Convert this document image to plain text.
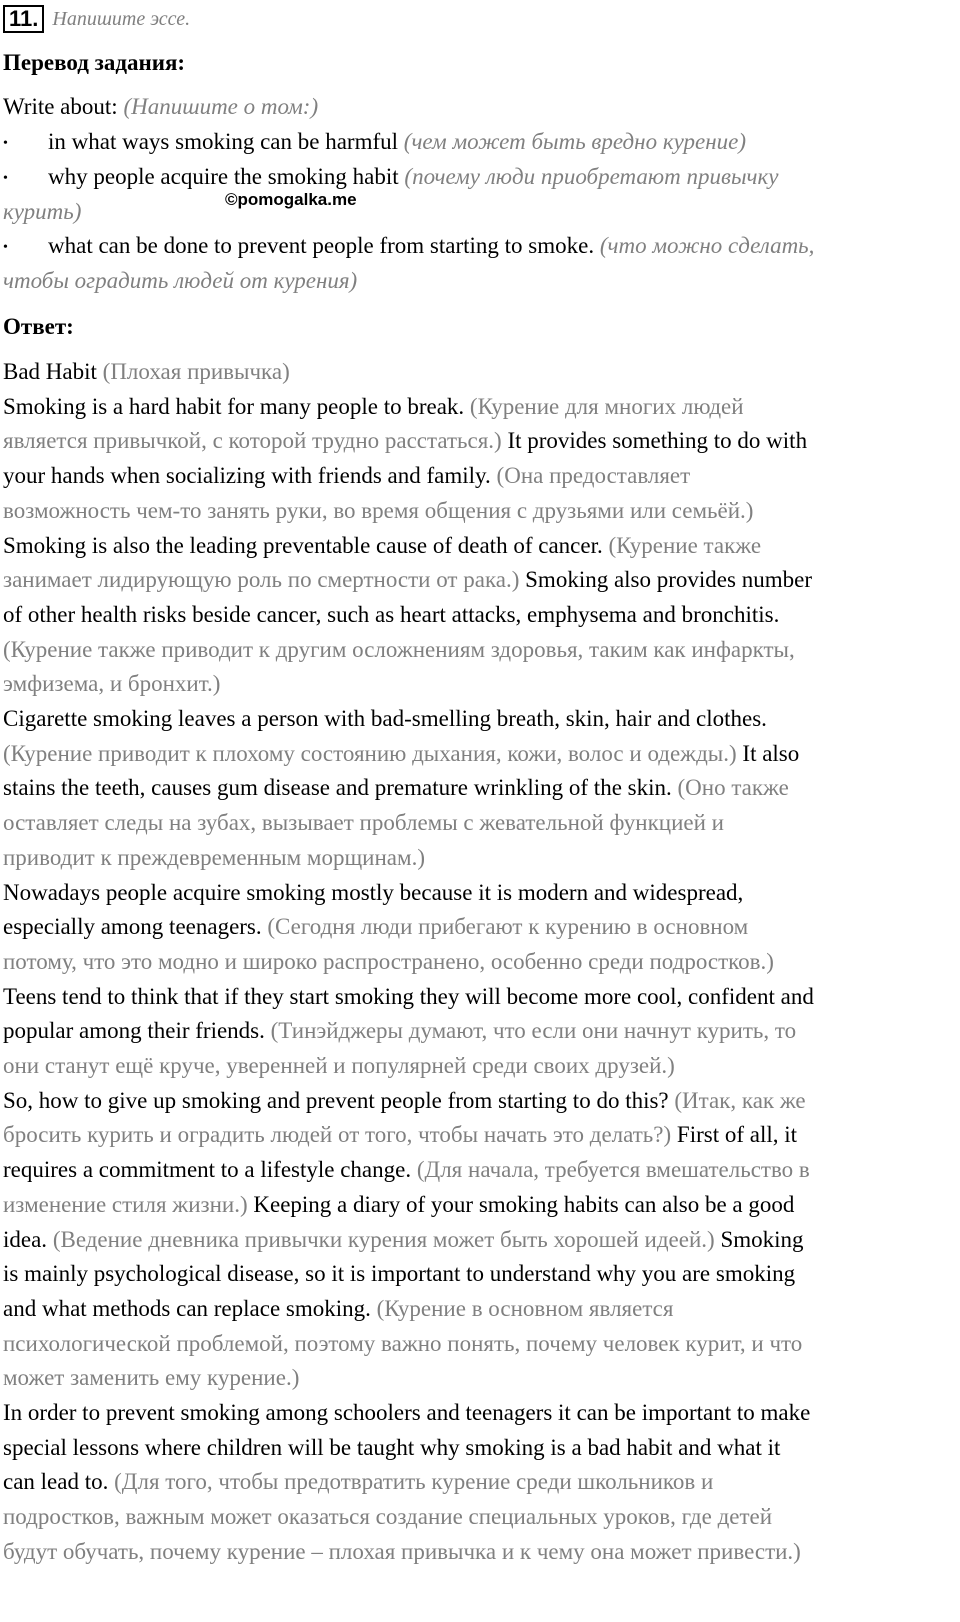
11. Напишите эссе.
Перевод задания:
Write about: (Напишите о том:)
• in what ways smoking can be harmful (чем может быть вредно курение)
• why people acquire the smoking habit (почему люди приобретают привычку
курить)	©pomogalka.me
• what can be done to prevent people from starting to smoke. (что можно сделать,
чтобы оградить людей от курения)
Ответ:
Bad Habit (Плохая привычка)
Smoking is a hard habit for many people to break. (Курение для многих людей
является привычкой, с которой трудно расстаться.) It provides something to do with
your hands when socializing with friends and family. (Она предоставляет
возможность чем-то занять руки, во время общения с друзьями или семьёй.)
Smoking is also the leading preventable cause of death of cancer. (Курение также
занимает лидирующую роль по смертности от рака.) Smoking also provides number
of other health risks beside cancer, such as heart attacks, emphysema and bronchitis.
(Курение также приводит к другим осложнениям здоровья, таким как инфаркты,
эмфизема, и бронхит.)
Cigarette smoking leaves a person with bad-smelling breath, skin, hair and clothes.
(Курение приводит к плохому состоянию дыхания, кожи, волос и одежды.) It also
stains the teeth, causes gum disease and premature wrinkling of the skin. (Оно также
оставляет следы на зубах, вызывает проблемы с жевательной функцией и
приводит к преждевременным морщинам.)
Nowadays people acquire smoking mostly because it is modern and widespread,
especially among teenagers. (Сегодня люди прибегают к курению в основном
потому, что это модно и широко распространено, особенно среди подростков.)
Teens tend to think that if they start smoking they will become more cool, confident and
popular among their friends. (Тинэйджеры думают, что если они начнут курить, то
они станут ещё круче, уверенней и популярней среди своих друзей.)
So, how to give up smoking and prevent people from starting to do this? (Итак, как же
бросить курить и оградить людей от того, чтобы начать это делать?) First of all, it
requires a commitment to a lifestyle change. (Для начала, требуется вмешательство в
изменение стиля жизни.) Keeping a diary of your smoking habits can also be a good
idea. (Ведение дневника привычки курения может быть хорошей идеей.) Smoking
is mainly psychological disease, so it is important to understand why you are smoking
and what methods can replace smoking. (Курение в основном является
психологической проблемой, поэтому важно понять, почему человек курит, и что
может заменить ему курение.)
In order to prevent smoking among schoolers and teenagers it can be important to make
special lessons where children will be taught why smoking is a bad habit and what it
can lead to. (Для того, чтобы предотвратить курение среди школьников и
подростков, важным может оказаться создание специальных уроков, где детей
будут обучать, почему курение – плохая привычка и к чему она может привести.)
